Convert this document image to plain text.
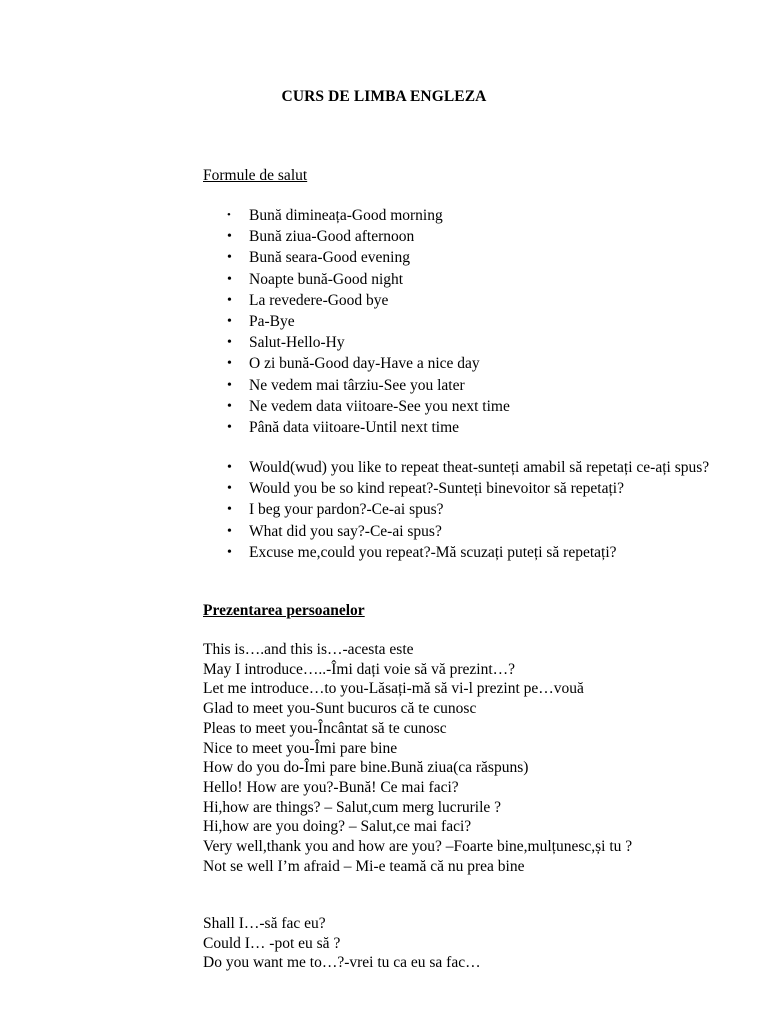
CURS DE LIMBA ENGLEZA
Formule de salut
• Bună dimineața-Good morning
• Bună ziua-Good afternoon
• Bună seara-Good evening
• Noapte bună-Good night
• La revedere-Good bye
• Pa-Bye
• Salut-Hello-Hy
• O zi bună-Good day-Have a nice day
• Ne vedem mai târziu-See you later
• Ne vedem data viitoare-See you next time
• Până data viitoare-Until next time
• Would(wud) you like to repeat theat-sunteți amabil să repetați ce-ați spus?
• Would you be so kind repeat?-Sunteți binevoitor să repetați?
• I beg your pardon?-Ce-ai spus?
• What did you say?-Ce-ai spus?
• Excuse me,could you repeat?-Mă scuzați puteți să repetați?
Prezentarea persoanelor
This is….and this is…-acesta este
May I introduce…..-Îmi dați voie să vă prezint…?
Let me introduce…to you-Lăsați-mă să vi-l prezint pe…vouă
Glad to meet you-Sunt bucuros că te cunosc
Pleas to meet you-Încântat să te cunosc
Nice to meet you-Îmi pare bine
How do you do-Îmi pare bine.Bună ziua(ca răspuns)
Hello! How are you?-Bună! Ce mai faci?
Hi,how are things? – Salut,cum merg lucrurile ?
Hi,how are you doing? – Salut,ce mai faci?
Very well,thank you and how are you? –Foarte bine,mulțunesc,și tu ?
Not se well I’m afraid – Mi-e teamă că nu prea bine
Shall I…-să fac eu?
Could I… -pot eu să ?
Do you want me to…?-vrei tu ca eu sa fac…
